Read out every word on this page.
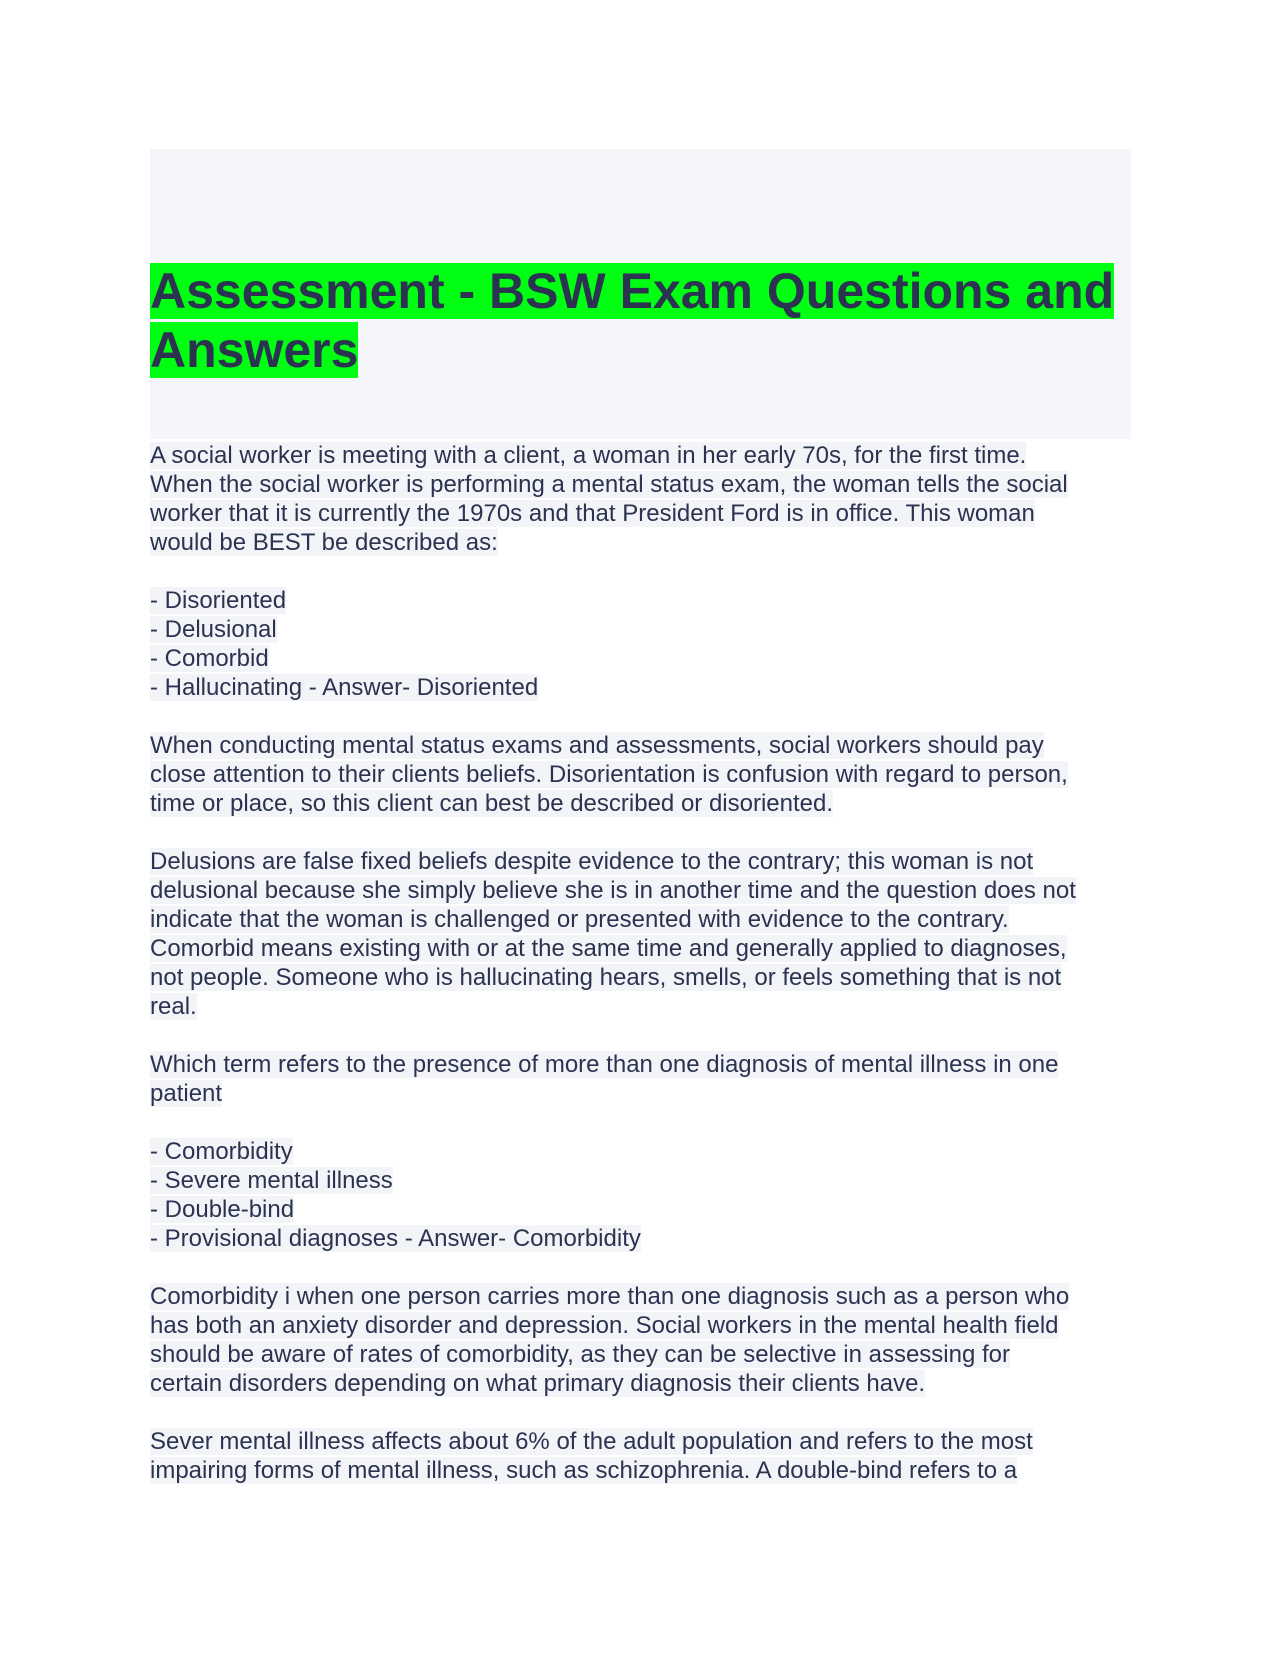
Assessment - BSW Exam Questions and
Answers

A social worker is meeting with a client, a woman in her early 70s, for the first time.
When the social worker is performing a mental status exam, the woman tells the social
worker that it is currently the 1970s and that President Ford is in office. This woman
would be BEST be described as:

- Disoriented
- Delusional
- Comorbid
- Hallucinating - Answer- Disoriented

When conducting mental status exams and assessments, social workers should pay
close attention to their clients beliefs. Disorientation is confusion with regard to person,
time or place, so this client can best be described or disoriented.

Delusions are false fixed beliefs despite evidence to the contrary; this woman is not
delusional because she simply believe she is in another time and the question does not
indicate that the woman is challenged or presented with evidence to the contrary.
Comorbid means existing with or at the same time and generally applied to diagnoses,
not people. Someone who is hallucinating hears, smells, or feels something that is not
real.

Which term refers to the presence of more than one diagnosis of mental illness in one
patient

- Comorbidity
- Severe mental illness
- Double-bind
- Provisional diagnoses - Answer- Comorbidity

Comorbidity i when one person carries more than one diagnosis such as a person who
has both an anxiety disorder and depression. Social workers in the mental health field
should be aware of rates of comorbidity, as they can be selective in assessing for
certain disorders depending on what primary diagnosis their clients have.

Sever mental illness affects about 6% of the adult population and refers to the most
impairing forms of mental illness, such as schizophrenia. A double-bind refers to a
